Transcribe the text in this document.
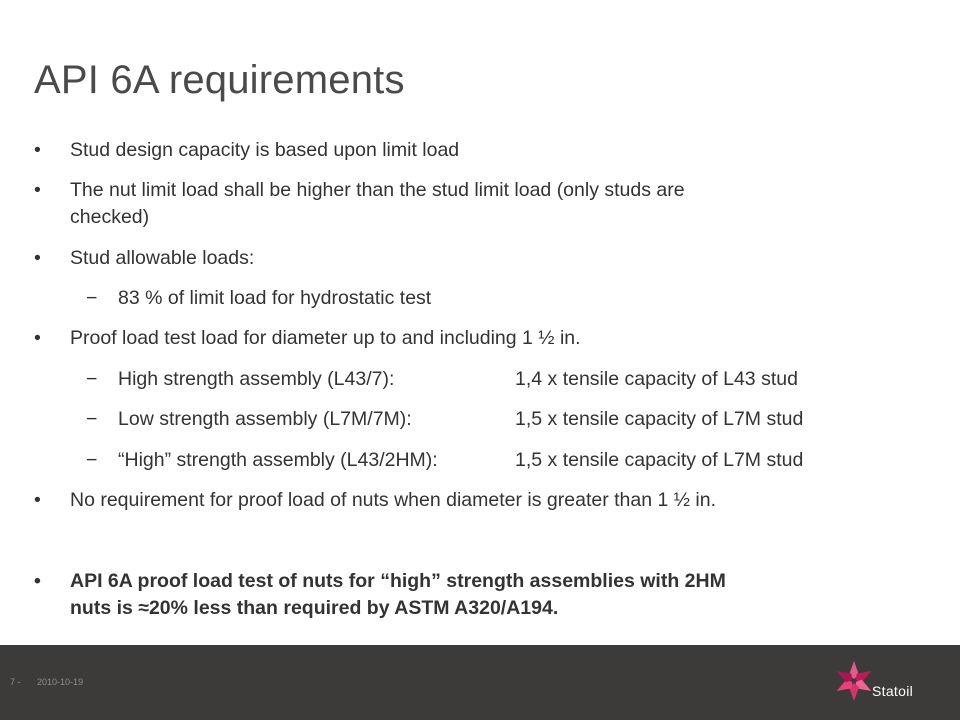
API 6A requirements
• Stud design capacity is based upon limit load
• The nut limit load shall be higher than the stud limit load (only studs are
checked)
• Stud allowable loads:
− 83 % of limit load for hydrostatic test
• Proof load test load for diameter up to and including 1 ½ in.
− High strength assembly (L43/7):	1,4 x tensile capacity of L43 stud
− Low strength assembly (L7M/7M):	1,5 x tensile capacity of L7M stud
− “High” strength assembly (L43/2HM):	1,5 x tensile capacity of L7M stud
• No requirement for proof load of nuts when diameter is greater than 1 ½ in.
• API 6A proof load test of nuts for “high” strength assemblies with 2HM
nuts is ≈20% less than required by ASTM A320/A194.
7 - 2010-10-19
Statoil
